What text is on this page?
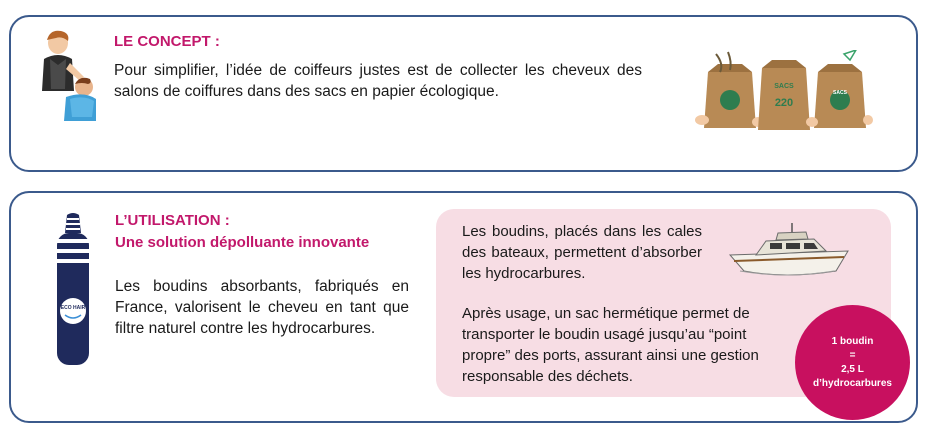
LE CONCEPT :
Pour simplifier, l’idée de coiffeurs justes est de collecter les cheveux des salons de coiffures dans des sacs en papier écologique.	SACS
220
SACS
ECO HAIR
L’UTILISATION :
Une solution dépolluante innovante
Les boudins absorbants, fabriqués en France, valorisent le cheveu en tant que filtre naturel contre les hydrocarbures.
Les boudins, placés dans les cales des bateaux, permettent d’absorber les hydrocarbures.
Après usage, un sac hermétique permet de transporter le boudin usagé jusqu’au “point propre” des ports, assurant ainsi une gestion responsable des déchets.
1 boudin
=
2,5 L
d’hydrocarbures
